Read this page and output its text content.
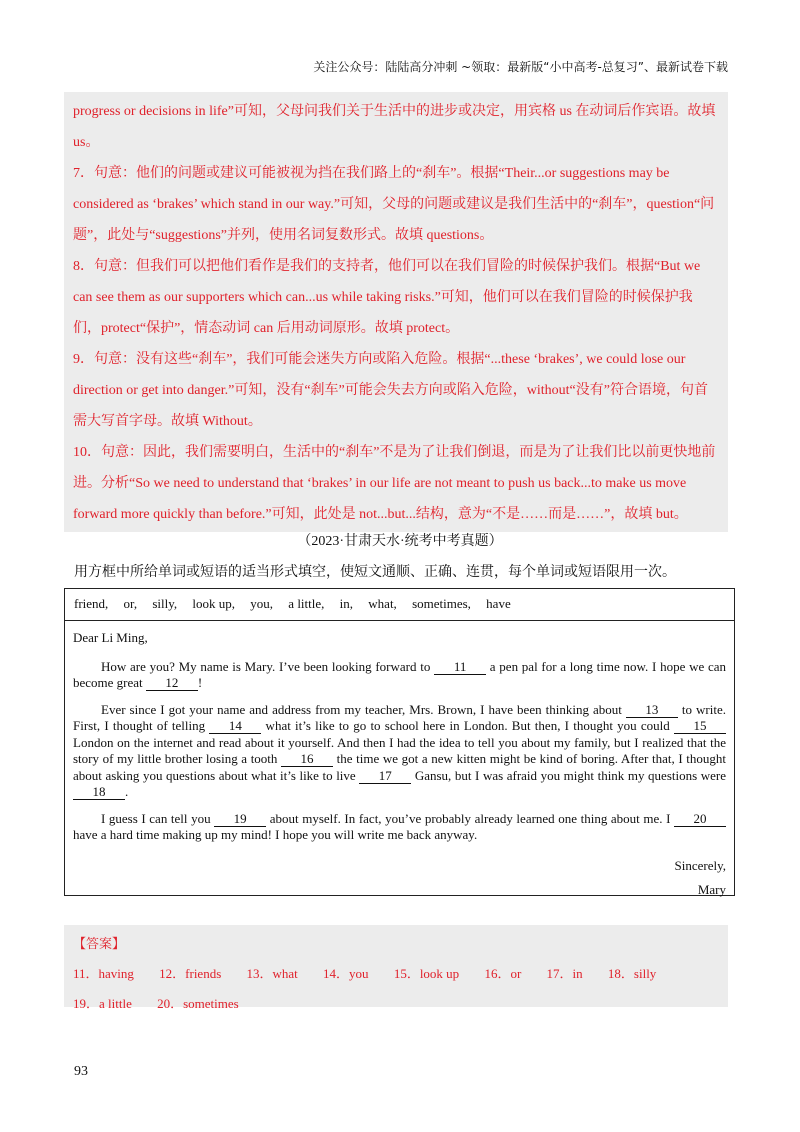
关注公众号：陆陆高分冲刺 ~领取：最新版“小中高考-总复习”、最新试卷下载

progress or decisions in life”可知，父母问我们关于生活中的进步或决定，用宾格 us 在动词后作宾语。故填 us。

7．句意：他们的问题或建议可能被视为挡在我们路上的“刹车”。根据“Their...or suggestions may be considered as ‘brakes’ which stand in our way.”可知，父母的问题或建议是我们生活中的“刹车”，question“问题”，此处与“suggestions”并列，使用名词复数形式。故填 questions。

8．句意：但我们可以把他们看作是我们的支持者，他们可以在我们冒险的时候保护我们。根据“But we can see them as our supporters which can...us while taking risks.”可知，他们可以在我们冒险的时候保护我们，protect“保护”，情态动词 can 后用动词原形。故填 protect。

9．句意：没有这些“刹车”，我们可能会迷失方向或陷入危险。根据“...these ‘brakes’, we could lose our direction or get into danger.”可知，没有“刹车”可能会失去方向或陷入危险，without“没有”符合语境，句首需大写首字母。故填 Without。

10．句意：因此，我们需要明白，生活中的“刹车”不是为了让我们倒退，而是为了让我们比以前更快地前进。分析“So we need to understand that ‘brakes’ in our life are not meant to push us back...to make us move forward more quickly than before.”可知，此处是 not...but...结构，意为“不是……而是……”，故填 but。

（2023·甘肃天水·统考中考真题）
用方框中所给单词或短语的适当形式填空，使短文通顺、正确、连贯，每个单词或短语限用一次。
friend, or, silly, look up, you, a little, in, what, sometimes, have

Dear Li Ming,

How are you? My name is Mary. I’ve been looking forward to 11 a pen pal for a long time now. I hope we can become great 12 !

Ever since I got your name and address from my teacher, Mrs. Brown, I have been thinking about 13 to write. First, I thought of telling 14 what it’s like to go to school here in London. But then, I thought you could 15 London on the internet and read about it yourself. And then I had the idea to tell you about my family, but I realized that the story of my little brother losing a tooth 16 the time we got a new kitten might be kind of boring. After that, I thought about asking you questions about what it’s like to live 17 Gansu, but I was afraid you might think my questions were 18 .

I guess I can tell you 19 about myself. In fact, you’ve probably already learned one thing about me. I 20 have a hard time making up my mind! I hope you will write me back anyway.

Sincerely,

Mary

【答案】

11．having 12．friends 13．what 14．you 15．look up 16．or 17．in 18．silly

19．a little 20．sometimes

93
